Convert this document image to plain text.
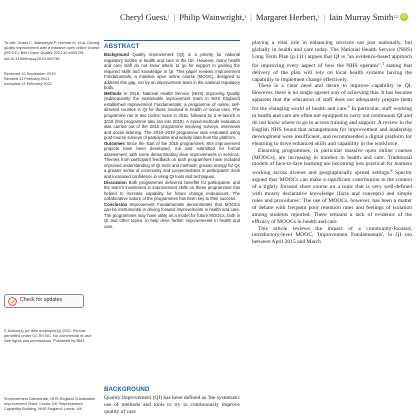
Cheryl Guest, 1 | Philip Wainwright, 1 | Margaret Herbert, 1 | Iain Murray Smith 1,2 iD
To cite: Guest C, Wainwright P, Herbert M, et al. Driving quality improvement with a massive open online course (MOOC). BMJ Open Quality 2021;10:e000781. doi:10.1136/bmjoq-2019-000781
Received 10 September 2019
Revised 11 February 2021
Accepted 22 February 2021
Check for updates
© Author(s) (or their employer(s)) 2021. Re-use permitted under CC BY-NC. No commercial re-use. See rights and permissions. Published by BMJ.
¹Improvement Directorate, NHS England Sustainable Improvement Team, Leeds, UK ²Improvement Capability Building, NHS England, Leeds, UK
ABSTRACT

Background Quality improvement (QI) is a priority for national regulatory bodies in health and care in the UK. However, many health and care staff do not know where to go for support in gaining the required skills and knowledge in QI. This paper reviews Improvement Fundamentals, a massive open online course (MOOC), designed to address this gap, run by an improvement team in the national regulatory body.

Methods In 2015, National Health Service (NHS) Improving Quality (subsequently the sustainable improvement team in NHS England) established Improvement Fundamentals: a programme of online, self-directed courses in QI for those involved in health or social care. The programme ran in two cycles: twice in 2015, followed by a re-launch in 2018 (this programme also ran into 2019). A mixed-methods evaluation was carried out of the 2015 programme involving surveys, interviews and social listening. The 2018–2019 programme was evaluated using post-course surveys of participants and activity data from the platform.

Outcomes Since the start of the 2015 programmes, 604 improvement projects have been developed, run and submitted for formal assessment, with some demonstrating clear improvements in services. Themes from participant feedback on both programmes have included improved understanding of QI tools and methods; greater energy for QI; a greater sense of community and connectedness in participants' work and increased confidence in using QI tools and techniques.

Discussion Both programmes delivered benefits for participants, and the team's investment in improvement skills on these programmes has helped to increase capability for future change endeavours. The collaborative nature of the programmes has been key to their success.

Conclusion Improvement Fundamentals demonstrates that MOOCs can be instrumental in driving forward improvements in health and care. The programmes may have utility as a model for future MOOCs, both in QI and other topics, to help drive further improvements in health and care.

BACKGROUND
Quality improvement (QI) has been defined as 'the systematic use of methods and tools to try to continuously improve quality of care

playing a vital role in enhancing services not just nationally, but globally in health and care today. The National Health Service (NHS) Long Term Plan (p.111) argues that QI is "an evidence-based approach for improving every aspect of how the NHS operates",$^3$ stating that delivery of the plan will rely on local health systems having the capability to implement change effectively.

There is a clear need and desire to improve capability in QI. However, there is no single agreed way of achieving this. It has become apparent that the education of staff does not adequately prepare them for the changing world of health and care.$^4$ In particular, staff working in health and care are often not equipped to carry out continuous QI and do not know where to go to access training and support. A review in the English NHS found that arrangements for improvement and leadership development were insufficient, and recommended a digital platform for elearning to drive enhanced skills and capability in the workforce.

Elearning programmes, in particular massive open online courses (MOOCs), are increasing in number in health and care. Traditional models of face-to-face learning are becoming less practical for learners working across diverse and geographically spread settings.$^6$ Spector argued that 'MOOCs can make a significant contribution in the context of a tightly focused short course on a topic that is very well-defined with mostly declarative knowledge (facts and concepts) and simple rules and procedures'. The use of MOOCs, however, has been a matter of debate with frequent poor retention rates and feelings of isolation among students reported. There remains a lack of evidence of the efficacy of MOOCs in health and care.

This article reviews the impact of a community-focused, introductory-level MOOC, 'Improvement Fundamentals', in QI run between April 2015 and March
